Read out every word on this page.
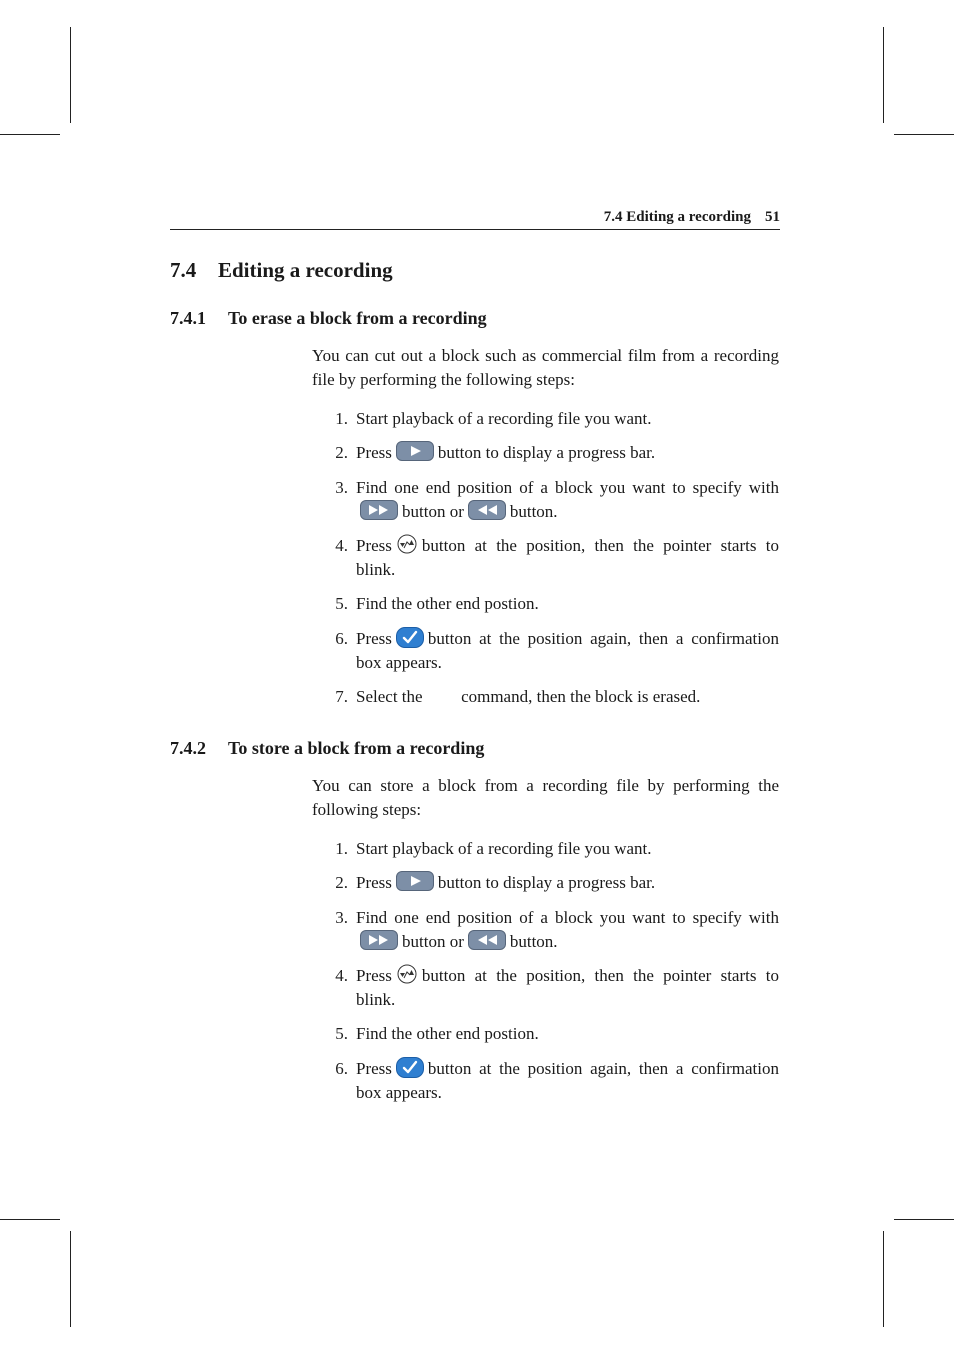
7.4 Editing a recording 51
7.4 Editing a recording
7.4.1 To erase a block from a recording

You can cut out a block such as commercial film from a recording file by performing the following steps:

1. Start playback of a recording file you want.
2. Press	button to display a progress bar.
3. Find one end position of a block you want to specify with
button or	button.
4. Press button at the position, then the pointer starts to blink.
5. Find the other end postion.
6. Press button at the position again, then a confirmation box appears.
7. Select the command, then the block is erased.
7.4.2 To store a block from a recording

You can store a block from a recording file by performing the following steps:

1. Start playback of a recording file you want.
2. Press	button to display a progress bar.
3. Find one end position of a block you want to specify with
button or	button.
4. Press button at the position, then the pointer starts to blink.
5. Find the other end postion.
6. Press button at the position again, then a confirmation box appears.
